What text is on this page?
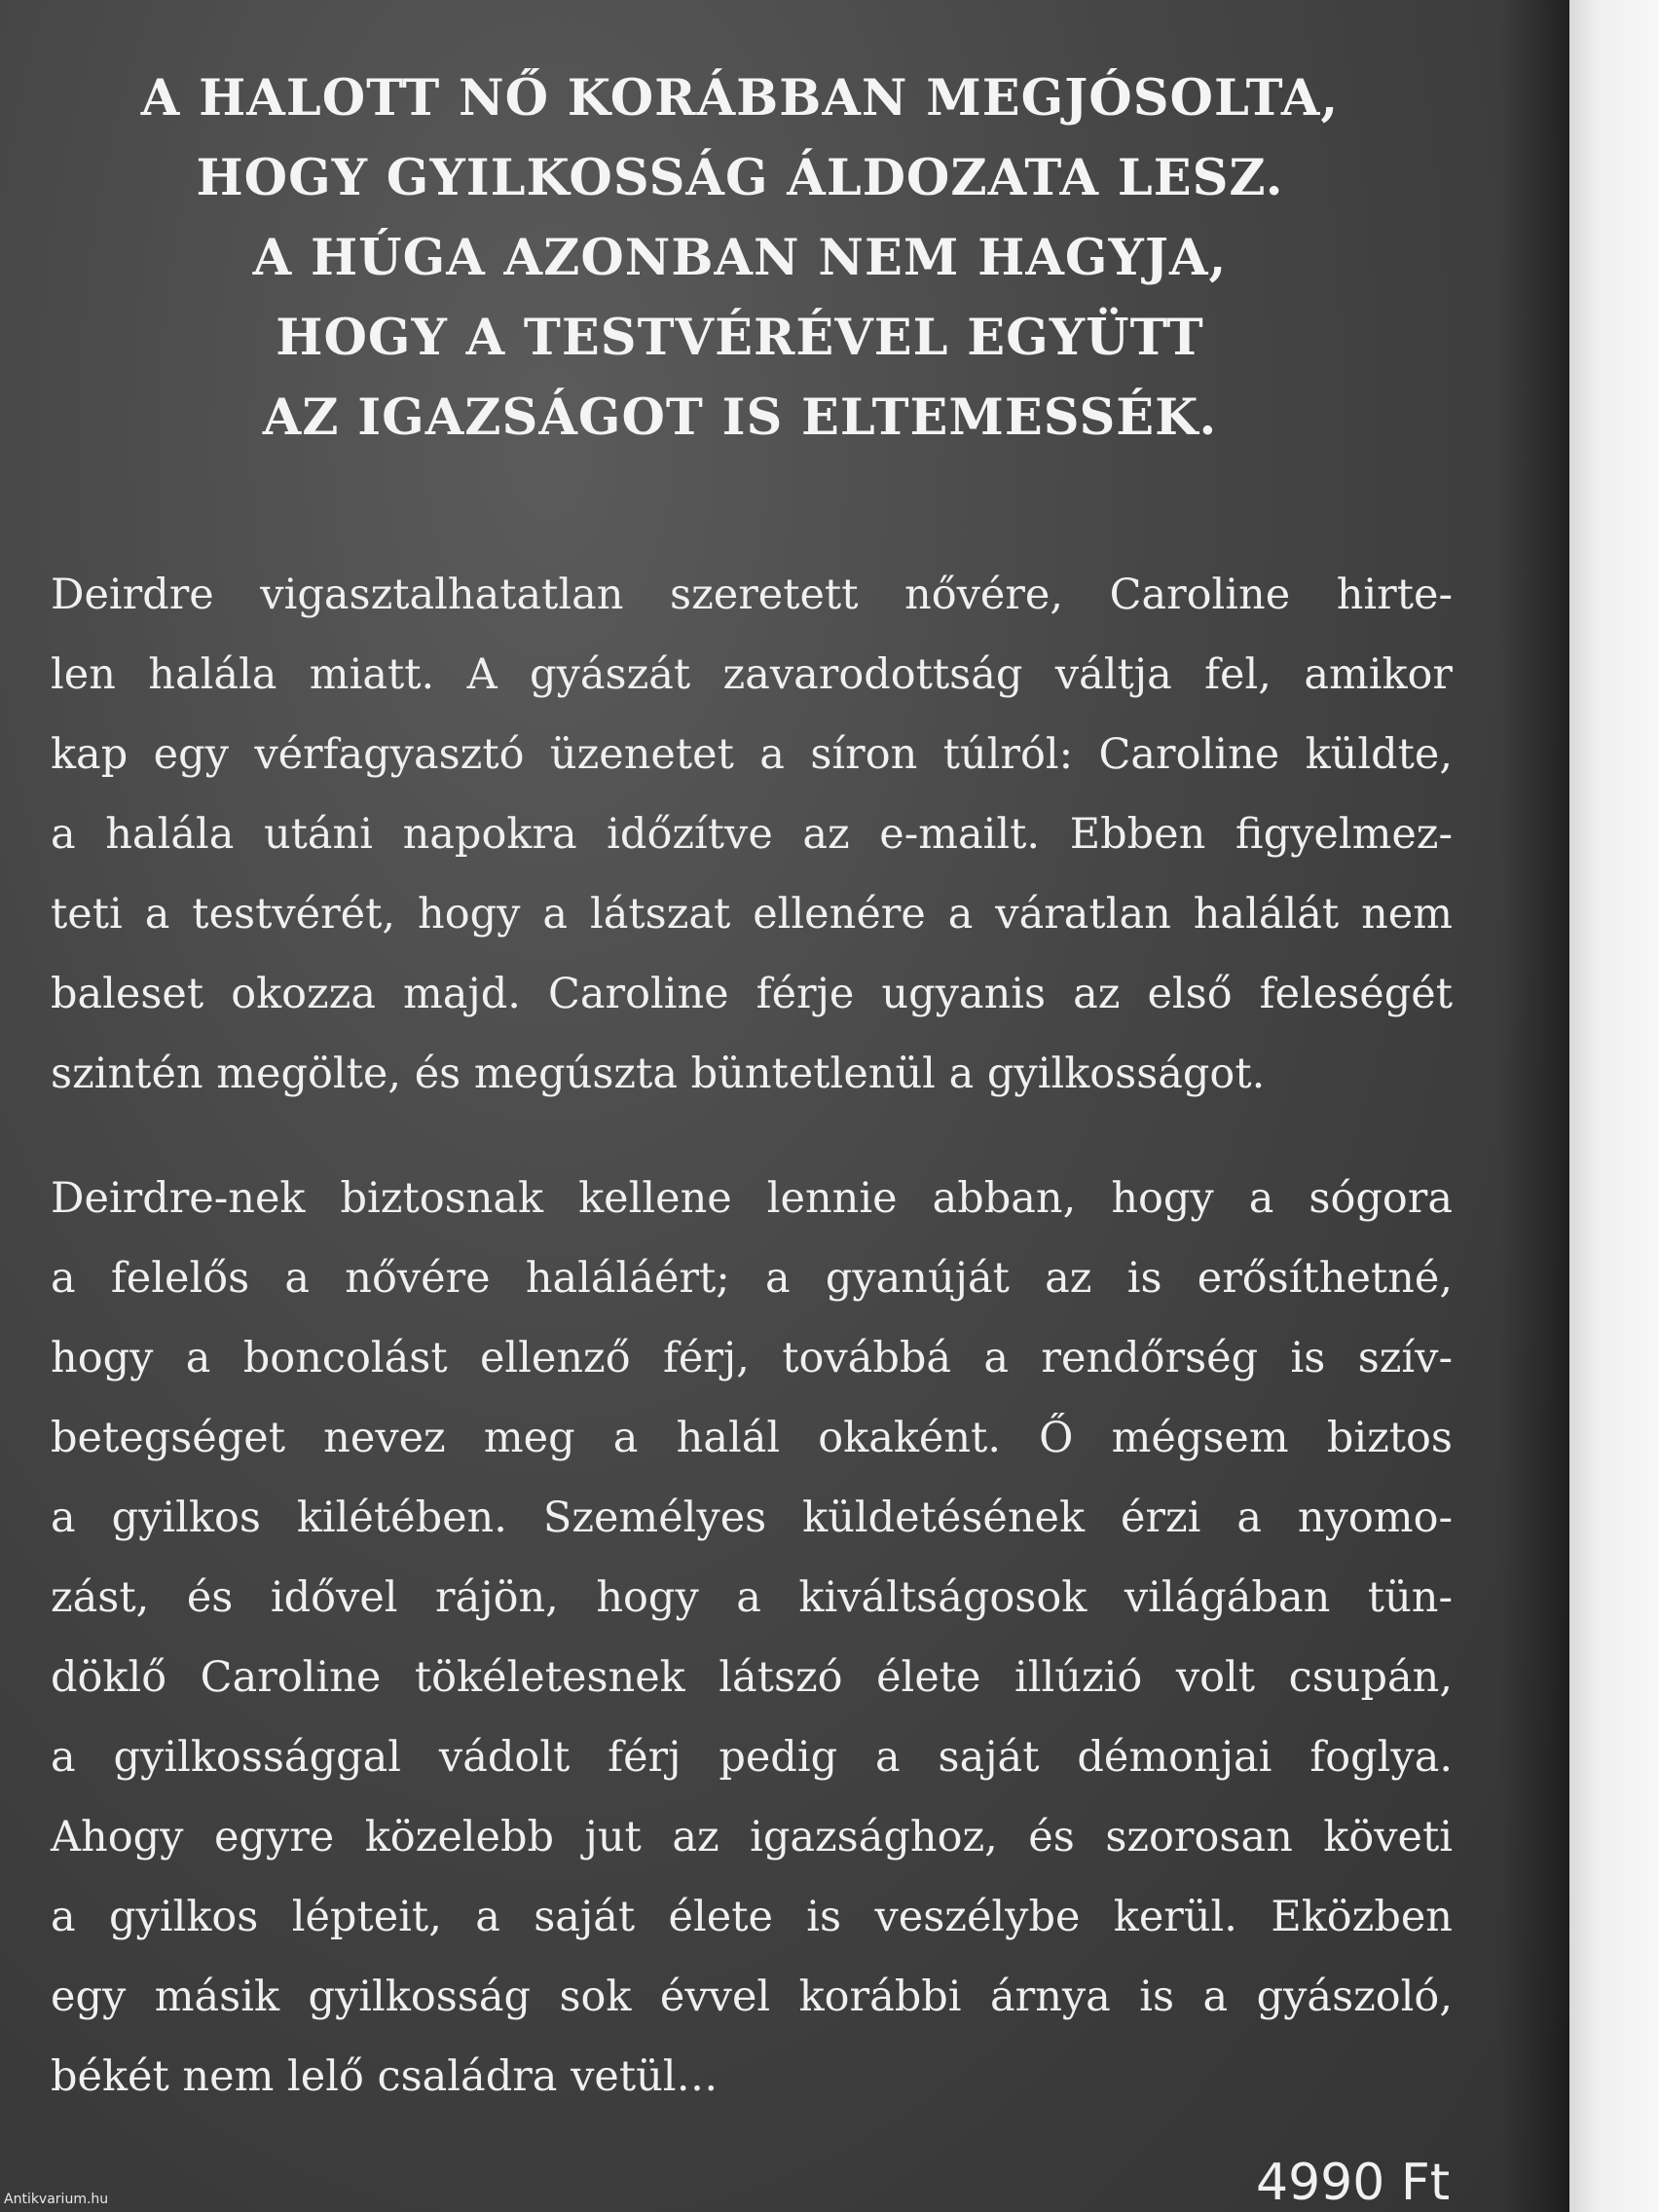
A HALOTT NŐ KORÁBBAN MEGJÓSOLTA,
HOGY GYILKOSSÁG ÁLDOZATA LESZ.
A HÚGA AZONBAN NEM HAGYJA,
HOGY A TESTVÉRÉVEL EGYÜTT
AZ IGAZSÁGOT IS ELTEMESSÉK.

Deirdre vigasztalhatatlan szeretett nővére, Caroline hirte-
len halála miatt. A gyászát zavarodottság váltja fel, amikor
kap egy vérfagyasztó üzenetet a síron túlról: Caroline küldte,
a halála utáni napokra időzítve az e-mailt. Ebben figyelmez-
teti a testvérét, hogy a látszat ellenére a váratlan halálát nem
baleset okozza majd. Caroline férje ugyanis az első feleségét
szintén megölte, és megúszta büntetlenül a gyilkosságot.

Deirdre-nek biztosnak kellene lennie abban, hogy a sógora
a felelős a nővére haláláért; a gyanúját az is erősíthetné,
hogy a boncolást ellenző férj, továbbá a rendőrség is szív-
betegséget nevez meg a halál okaként. Ő mégsem biztos
a gyilkos kilétében. Személyes küldetésének érzi a nyomo-
zást, és idővel rájön, hogy a kiváltságosok világában tün-
döklő Caroline tökéletesnek látszó élete illúzió volt csupán,
a gyilkossággal vádolt férj pedig a saját démonjai foglya.
Ahogy egyre közelebb jut az igazsághoz, és szorosan követi
a gyilkos lépteit, a saját élete is veszélybe kerül. Eközben
egy másik gyilkosság sok évvel korábbi árnya is a gyászoló,
békét nem lelő családra vetül…

4990 Ft
Antikvarium.hu
